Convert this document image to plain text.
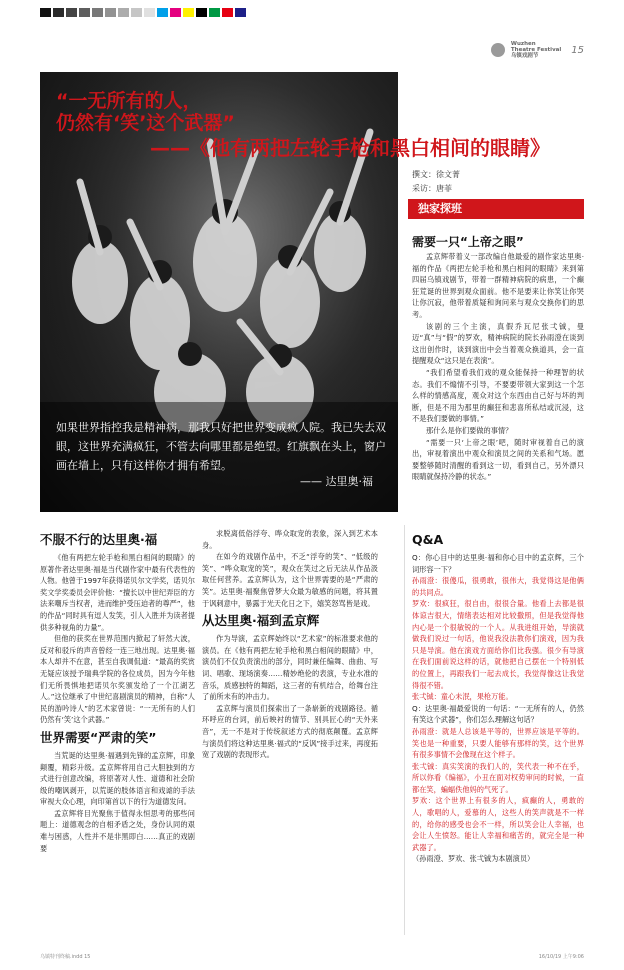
Wuzhen
Theatre Festival
乌镇戏剧节
15
“一无所有的人，
仍然有‘笑’这个武器”
——《他有两把左轮手枪和黑白相间的眼睛》
如果世界指控我是精神病，那我只好把世界变成疯人院。我已失去双眼，这世界充满疯狂，不管去向哪里都是绝望。红旗飘在头上，窗户画在墙上，只有这样你才拥有希望。
—— 达里奥·福
撰文：徐文菁
采访：唐菲
独家探班
需要一只“上帝之眼”

孟京辉带着义一部改编自他最爱的剧作家达里奥·福的作品《两把左轮手枪和黑白相间的眼睛》来到第四届乌镇戏剧节，带着一群精神病院的病患，一个癫狂荒诞的世界到观众面前。他不是要来让你笑让你哭让你沉寂，他带着质疑和询问来与观众交换你们的思考。

该剧的三个主演，真假乔瓦尼张弌铖，曼迈“真”与“假”的罗欢，精神病院的院长孙雨澄在谈到这出创作时，谈到演出中会当着观众换道具，会一直提醒观众“这只是在表演”。

“我们希望看我们戏的观众能保持一种理智的状态。我们不煽情不引导，不要要带领大家到这一个怎么样的情感高度，观众对这个东西由自己好与坏的判断，但是不用为那里的癫狂和悲喜所私结或沉浸，这不是我们要做的事情。”

那什么是你们要做的事情？

“需要一只‘上帝之眼’吧，随时审视着自己的演出，审视着演出中观众和演员之间的关系和气场。愿要整够随时清醒的看到这一切，看到自己，另外漂只眼睛就保持冷静的状态。”

不服不行的达里奥·福

《他有两把左轮手枪和黑白相间的眼睛》的原著作者达里奥·福是当代剧作家中最有代表性的人物。他曾于1997年获得诺贝尔文学奖，诺贝尔奖文学奖委员会评价他：“擅长以中世纪弄臣的方法来嘲斥当权者，进而维护受压迫者的尊严”，他的作品“同时具有逗人发笑，引人入胜并为读者提供多种视角的力量”。

但他的获奖在世界范围内掀起了轩然大波，反对和驳斥的声音曾经一连三地出现。达里奥·福本人却并不在意，甚至自我调侃道：“最高的奖赏无疑应该授予瑞典学院的各位成员，因为今年他们无所畏惧地把诺贝尔奖颁发给了一个江湖艺人。”这位继承了中世纪喜剧演员的精神，自称“人民的游吟诗人”的艺术家曾说：“一无所有的人们仍然有‘笑’这个武器。”

世界需要“严肃的笑”

当荒诞的达里奥·福遇到先锋的孟京辉，印象颠覆，精彩升级。孟京辉将用自己大胆独到的方式进行创意改编，将原著对人性、道德和社会阶级的嘲讽剥开，以荒诞的肢体语言和戏谑的手法审视大众心理，向印第首以下的行为道德发问。

孟京辉将目光聚焦于值得永恒思考的那些问题上：道德观念的自相矛盾之处，身份认同的艰难与困惑，人性并不是非黑即白……真正的戏剧要

求脱离低俗浮夸、哗众取宠的表象，深入到艺术本身。

在如今的戏剧作品中，不乏“浮夸的笑”、“低级的笑”、“哗众取宠的笑”，观众在笑过之后无法从作品汲取任何营养。孟京辉认为，这个世界需要的是“严肃的笑”。达里奥·福聚焦曾梦大众最为敏感的问题，将其置于讽刺意中，暴露于光天化日之下，嬉笑怒骂皆是戏。

从达里奥·福到孟京辉

作为导演，孟京辉始终以“艺术家”的标准要求他的演员。在《他有两把左轮手枪和黑白相间的眼睛》中，演员们不仅负责演出的部分，同时兼任编舞、曲曲、写词、唱歌、现场演奏……精妙绝伦的表演，专业水准的音乐，质感独特的舞蹈，这三者的有机结合，给舞台注了前所未有的冲击力。

孟京辉与演员们探索出了一条崭新的戏剧路径。循环呼应的台词，前后映衬的情节、别具匠心的“天外来音”，无一不是对于传统叙述方式的彻底颠覆。孟京辉与演员们将这种达里奥·福式的“反讽”接手过来，再度拓宽了戏剧的表现形式。

Q&A
Q：你心目中的达里奥·福和你心目中的孟京辉，三个词形容一下？
孙雨澄：很傻瓜，很勇敢，很伟大，我觉得这是他俩的共同点。
罗欢：很疯狂，很自由，很很合量。他看上去都是很体谅吉很大，情绪表达相对比较撒照，但是我觉得他内心是一个很敏锐的一个人。从我进组开始，导演就做我们说过一句话，他说我没法教你们演戏，因为我只是导演。他在演戏方面给你们比我强。很少有导演在我们面前说这样的话，就他把自己摆在一个特别低的位置上，再跟我们一起去成长，我觉得像这让我觉得很不错。
张弌铖：童心未泯，果枪万能。
Q：达里奥·福最爱说的一句话：“一无所有的人，仍然有笑这个武器”，你们怎么理解这句话？
孙雨澄：就是人总该是平等的，世界应该是平等的。笑也是一种重要，只要人能够有那样的笑，这个世界有很多事情不会像现在这个样子。
张弌铖：真实笑演的我们人的，笑代表一种不在乎，所以你看《编福》，小丑在面对权势审问的时候，一直都在笑，蝙蝠佚他妈的气死了。
罗欢：这个世界上有很多的人，疯癫的人，勇敢的人，歌唱的人，爱慕的人，这些人的笑声就是不一样的，给你的感受也会不一样，所以笑会让人幸福，也会让人生愤怒。能让人幸福和痛苦的，就完全是一种武器了。
（孙雨澄、罗欢、张弌铖为本剧演员）
乌镇特刊终稿.indd 15	16/10/19 上午9:06
